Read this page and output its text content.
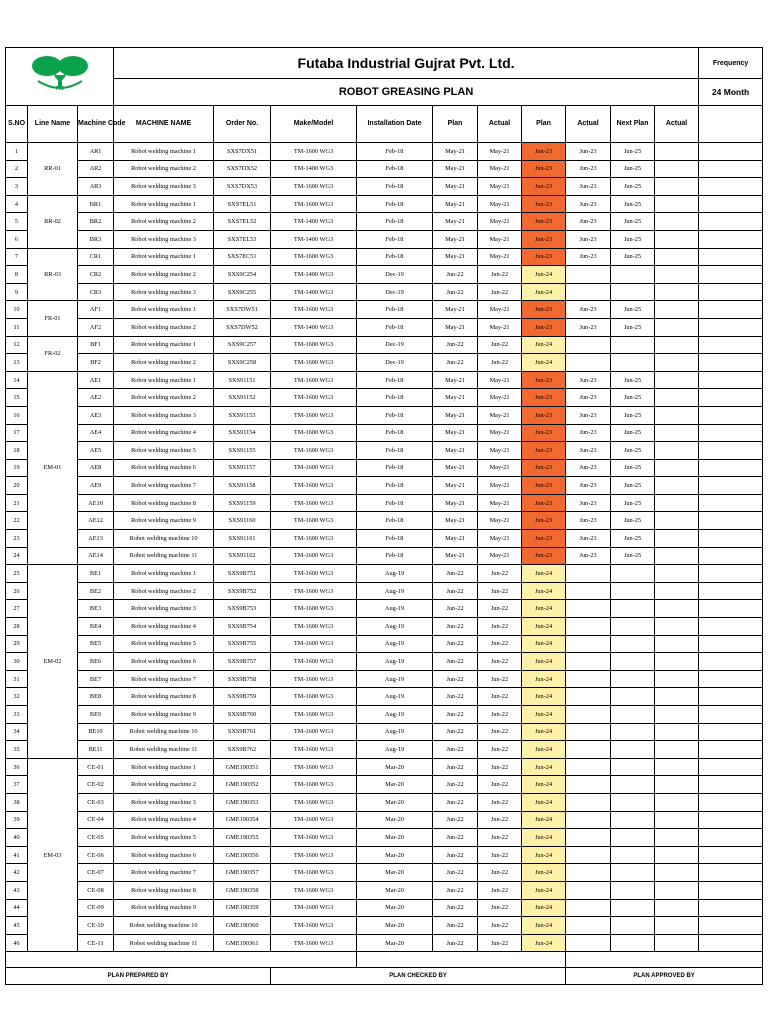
FIG			Futaba Industrial Gujrat Pvt. Ltd.										Frequency
			ROBOT GREASING PLAN										24 Month
S.NO	Line Name	Machine Code	MACHINE NAME	Order No.	Make/Model	Installation Date	Plan	Actual	Plan	Actual	Next Plan	Actual	
1	RR-01	AR1	Robot welding machine 1	SXS7DX51	TM-1600 WG3	Feb-18	May-21	May-21	Jun-23	Jun-23	Jun-25		
2		AR2	Robot welding machine 2	SXS7DX52	TM-1400 WG3	Feb-18	May-21	May-21	Jun-23	Jun-23	Jun-25		
3		AR3	Robot welding machine 3	SXS7DX53	TM-1600 WG3	Feb-18	May-21	May-21	Jun-23	Jun-23	Jun-25		
4	RR-02	BR1	Robot welding machine 1	SXS7EL51	TM-1600 WG3	Feb-18	May-21	May-21	Jun-23	Jun-23	Jun-25		
5		BR2	Robot welding machine 2	SXS7EL52	TM-1400 WG3	Feb-18	May-21	May-21	Jun-23	Jun-23	Jun-25		
6		BR3	Robot welding machine 3	SXS7EL53	TM-1400 WG3	Feb-18	May-21	May-21	Jun-23	Jun-23	Jun-25		
7	RR-03	CR1	Robot welding machine 1	SXS7EC51	TM-1600 WG3	Feb-18	May-21	May-21	Jun-23	Jun-23	Jun-25		
8		CR2	Robot welding machine 2	SXS9C254	TM-1400 WG3	Dec-19	Jun-22	Jun-22	Jun-24				
9		CR3	Robot welding machine 3	SXS9C255	TM-1400 WG3	Dec-19	Jun-22	Jun-22	Jun-24				
10	FR-01	AF1	Robot welding machine 1	SXS7DW51	TM-1600 WG3	Feb-18	May-21	May-21	Jun-23	Jun-23	Jun-25		
11		AF2	Robot welding machine 2	SXS7DW52	TM-1400 WG3	Feb-18	May-21	May-21	Jun-23	Jun-23	Jun-25		
12	FR-02	BF1	Robot welding machine 1	SXS9C257	TM-1600 WG3	Dec-19	Jun-22	Jun-22	Jun-24				
13		BF2	Robot welding machine 2	SXS9C258	TM-1600 WG3	Dec-19	Jun-22	Jun-22	Jun-24				
14	EM-01	AE1	Robot welding machine 1	SXS91151	TM-1600 WG3	Feb-18	May-21	May-21	Jun-23	Jun-23	Jun-25		
15		AE2	Robot welding machine 2	SXS91152	TM-1600 WG3	Feb-18	May-21	May-21	Jun-23	Jun-23	Jun-25		
16		AE3	Robot welding machine 3	SXS91153	TM-1600 WG3	Feb-18	May-21	May-21	Jun-23	Jun-23	Jun-25		
17		AE4	Robot welding machine 4	SXS91154	TM-1600 WG3	Feb-18	May-21	May-21	Jun-23	Jun-23	Jun-25		
18		AE5	Robot welding machine 5	SXS91155	TM-1600 WG3	Feb-18	May-21	May-21	Jun-23	Jun-23	Jun-25		
19		AE8	Robot welding machine 6	SXS91157	TM-1600 WG3	Feb-18	May-21	May-21	Jun-23	Jun-23	Jun-25		
20		AE9	Robot welding machine 7	SXS91158	TM-1600 WG3	Feb-18	May-21	May-21	Jun-23	Jun-23	Jun-25		
21		AE10	Robot welding machine 8	SXS91159	TM-1600 WG3	Feb-18	May-21	May-21	Jun-23	Jun-23	Jun-25		
22		AE12	Robot welding machine 9	SXS91160	TM-1600 WG3	Feb-18	May-21	May-21	Jun-23	Jun-23	Jun-25		
23		AE13	Robot welding machine 10	SXS91161	TM-1600 WG3	Feb-18	May-21	May-21	Jun-23	Jun-23	Jun-25		
24		AE14	Robot welding machine 11	SXS91162	TM-1600 WG3	Feb-18	May-21	May-21	Jun-23	Jun-23	Jun-25		
25	EM-02	BE1	Robot welding machine 1	SXS9B751	TM-1600 WG3	Aug-19	Jun-22	Jun-22	Jun-24				
26		BE2	Robot welding machine 2	SXS9B752	TM-1600 WG3	Aug-19	Jun-22	Jun-22	Jun-24				
27		BE3	Robot welding machine 3	SXS9B753	TM-1600 WG3	Aug-19	Jun-22	Jun-22	Jun-24				
28		BE4	Robot welding machine 4	SXS9B754	TM-1600 WG3	Aug-19	Jun-22	Jun-22	Jun-24				
29		BE5	Robot welding machine 5	SXS9B755	TM-1600 WG3	Aug-19	Jun-22	Jun-22	Jun-24				
30		BE6	Robot welding machine 6	SXS9B757	TM-1600 WG3	Aug-19	Jun-22	Jun-22	Jun-24				
31		BE7	Robot welding machine 7	SXS9B758	TM-1600 WG3	Aug-19	Jun-22	Jun-22	Jun-24				
32		BE8	Robot welding machine 8	SXS9B759	TM-1600 WG3	Aug-19	Jun-22	Jun-22	Jun-24				
33		BE9	Robot welding machine 9	SXS9B760	TM-1600 WG3	Aug-19	Jun-22	Jun-22	Jun-24				
34		BE10	Robot welding machine 10	SXS9B761	TM-1600 WG3	Aug-19	Jun-22	Jun-22	Jun-24				
35		BE11	Robot welding machine 11	SXS9B762	TM-1600 WG3	Aug-19	Jun-22	Jun-22	Jun-24				
36	EM-03	CE-01	Robot welding machine 1	GME190351	TM-1600 WG3	Mar-20	Jun-22	Jun-22	Jun-24				
37		CE-02	Robot welding machine 2	GME190352	TM-1600 WG3	Mar-20	Jun-22	Jun-22	Jun-24				
38		CE-03	Robot welding machine 3	GME190353	TM-1600 WG3	Mar-20	Jun-22	Jun-22	Jun-24				
39		CE-04	Robot welding machine 4	GME190354	TM-1600 WG3	Mar-20	Jun-22	Jun-22	Jun-24				
40		CE-05	Robot welding machine 5	GME190355	TM-1600 WG3	Mar-20	Jun-22	Jun-22	Jun-24				
41		CE-06	Robot welding machine 6	GME190356	TM-1600 WG3	Mar-20	Jun-22	Jun-22	Jun-24				
42		CE-07	Robot welding machine 7	GME190357	TM-1600 WG3	Mar-20	Jun-22	Jun-22	Jun-24				
43		CE-08	Robot welding machine 8	GME190358	TM-1600 WG3	Mar-20	Jun-22	Jun-22	Jun-24				
44		CE-09	Robot welding machine 9	GME190359	TM-1600 WG3	Mar-20	Jun-22	Jun-22	Jun-24				
45		CE-10	Robot welding machine 10	GME190360	TM-1600 WG3	Mar-20	Jun-22	Jun-22	Jun-24				
46		CE-11	Robot welding machine 11	GME190361	TM-1600 WG3	Mar-20	Jun-22	Jun-22	Jun-24				

PLAN PREPARED BY					PLAN CHECKED BY					PLAN APPROVED BY			
